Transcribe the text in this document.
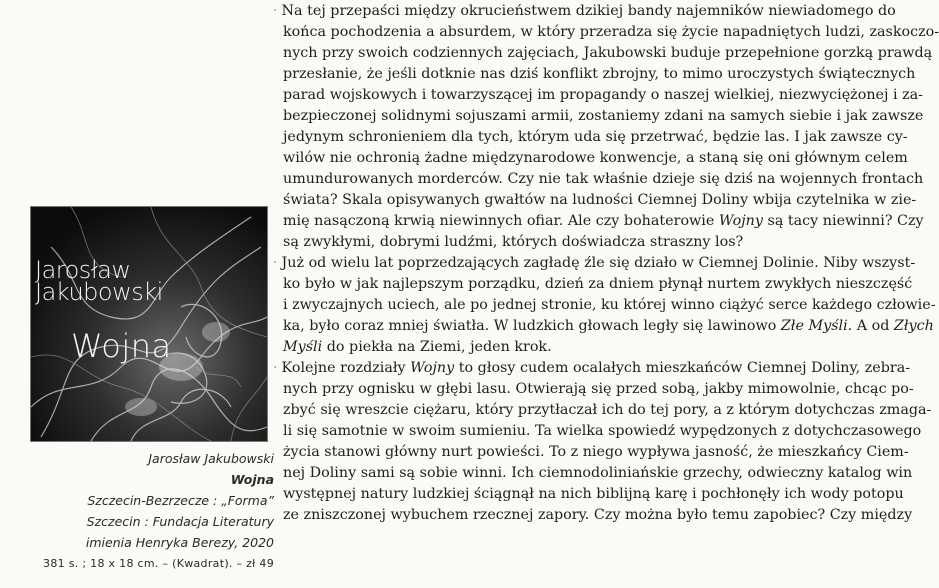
Jarosław
Jakubowski
Wojna
Jarosław Jakubowski
Wojna
Szczecin-Bezrzecze : „Forma”
Szczecin : Fundacja Literatury
imienia Henryka Berezy, 2020
381 s. ; 18 x 18 cm. – (Kwadrat). – zł 49
· Na tej przepaści między okrucieństwem dzikiej bandy najemników niewiadomego do
końca pochodzenia a absurdem, w który przeradza się życie napadniętych ludzi, zaskoczo-
nych przy swoich codziennych zajęciach, Jakubowski buduje przepełnione gorzką prawdą
przesłanie, że jeśli dotknie nas dziś konflikt zbrojny, to mimo uroczystych świątecznych
parad wojskowych i towarzyszącej im propagandy o naszej wielkiej, niezwyciężonej i za-
bezpieczonej solidnymi sojuszami armii, zostaniemy zdani na samych siebie i jak zawsze
jedynym schronieniem dla tych, którym uda się przetrwać, będzie las. I jak zawsze cy-
wilów nie ochronią żadne międzynarodowe konwencje, a staną się oni głównym celem
umundurowanych morderców. Czy nie tak właśnie dzieje się dziś na wojennych frontach
świata? Skala opisywanych gwałtów na ludności Ciemnej Doliny wbija czytelnika w zie-
mię nasączoną krwią niewinnych ofiar. Ale czy bohaterowie Wojny są tacy niewinni? Czy
są zwykłymi, dobrymi ludźmi, których doświadcza straszny los?
· Już od wielu lat poprzedzających zagładę źle się działo w Ciemnej Dolinie. Niby wszyst-
ko było w jak najlepszym porządku, dzień za dniem płynął nurtem zwykłych nieszczęść
i zwyczajnych uciech, ale po jednej stronie, ku której winno ciążyć serce każdego człowie-
ka, było coraz mniej światła. W ludzkich głowach legły się lawinowo Złe Myśli. A od Złych
Myśli do piekła na Ziemi, jeden krok.
· Kolejne rozdziały Wojny to głosy cudem ocalałych mieszkańców Ciemnej Doliny, zebra-
nych przy ognisku w głębi lasu. Otwierają się przed sobą, jakby mimowolnie, chcąc po-
zbyć się wreszcie ciężaru, który przytłaczał ich do tej pory, a z którym dotychczas zmaga-
li się samotnie w swoim sumieniu. Ta wielka spowiedź wypędzonych z dotychczasowego
życia stanowi główny nurt powieści. To z niego wypływa jasność, że mieszkańcy Ciem-
nej Doliny sami są sobie winni. Ich ciemnodoliniańskie grzechy, odwieczny katalog win
występnej natury ludzkiej ściągnął na nich biblijną karę i pochłonęły ich wody potopu
ze zniszczonej wybuchem rzecznej zapory. Czy można było temu zapobiec? Czy między
